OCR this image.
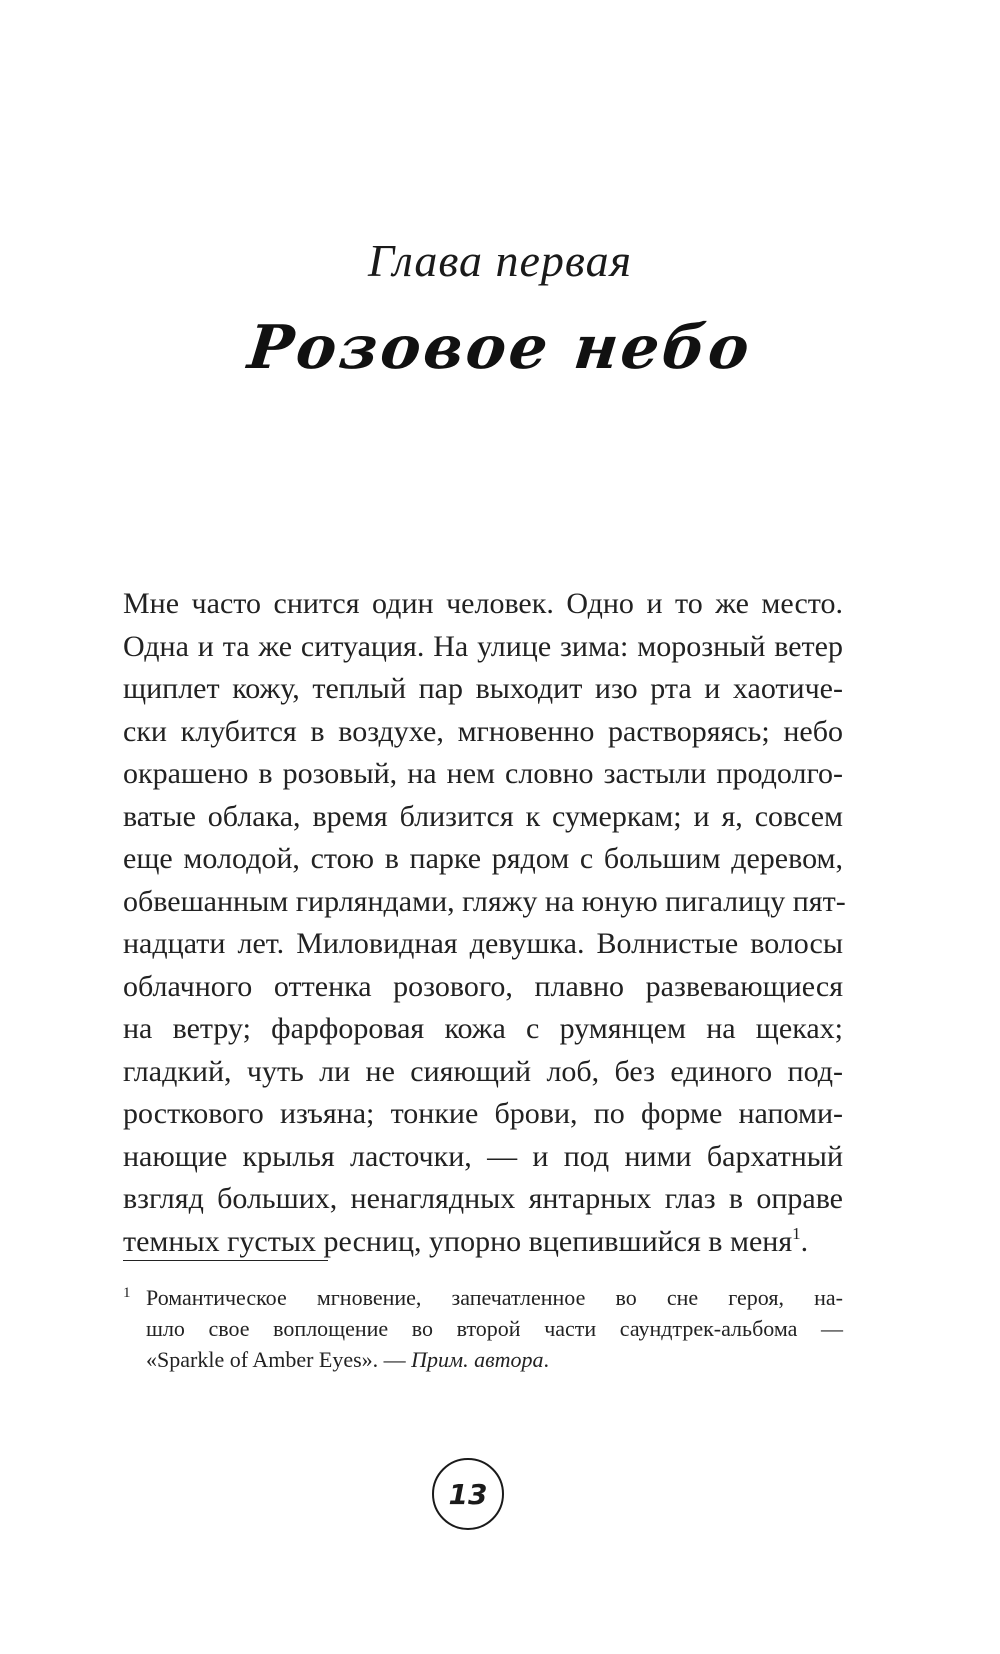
Глава первая
Розовое небо
Мне часто снится один человек. Одно и то же место.
Одна и та же ситуация. На улице зима: морозный ветер
щиплет кожу, теплый пар выходит изо рта и хаотиче-
ски клубится в воздухе, мгновенно растворяясь; небо
окрашено в розовый, на нем словно застыли продолго-
ватые облака, время близится к сумеркам; и я, совсем
еще молодой, стою в парке рядом с большим деревом,
обвешанным гирляндами, гляжу на юную пигалицу пят-
надцати лет. Миловидная девушка. Волнистые волосы
облачного оттенка розового, плавно развевающиеся
на ветру; фарфоровая кожа с румянцем на щеках;
гладкий, чуть ли не сияющий лоб, без единого под-
росткового изъяна; тонкие брови, по форме напоми-
нающие крылья ласточки, — и под ними бархатный
взгляд больших, ненаглядных янтарных глаз в оправе
темных густых ресниц, упорно вцепившийся в меня$^1$.
1 Романтическое мгновение, запечатленное во сне героя, на-
шло свое воплощение во второй части саундтрек-альбома —
«Sparkle of Amber Eyes». — Прим. автора.
13
